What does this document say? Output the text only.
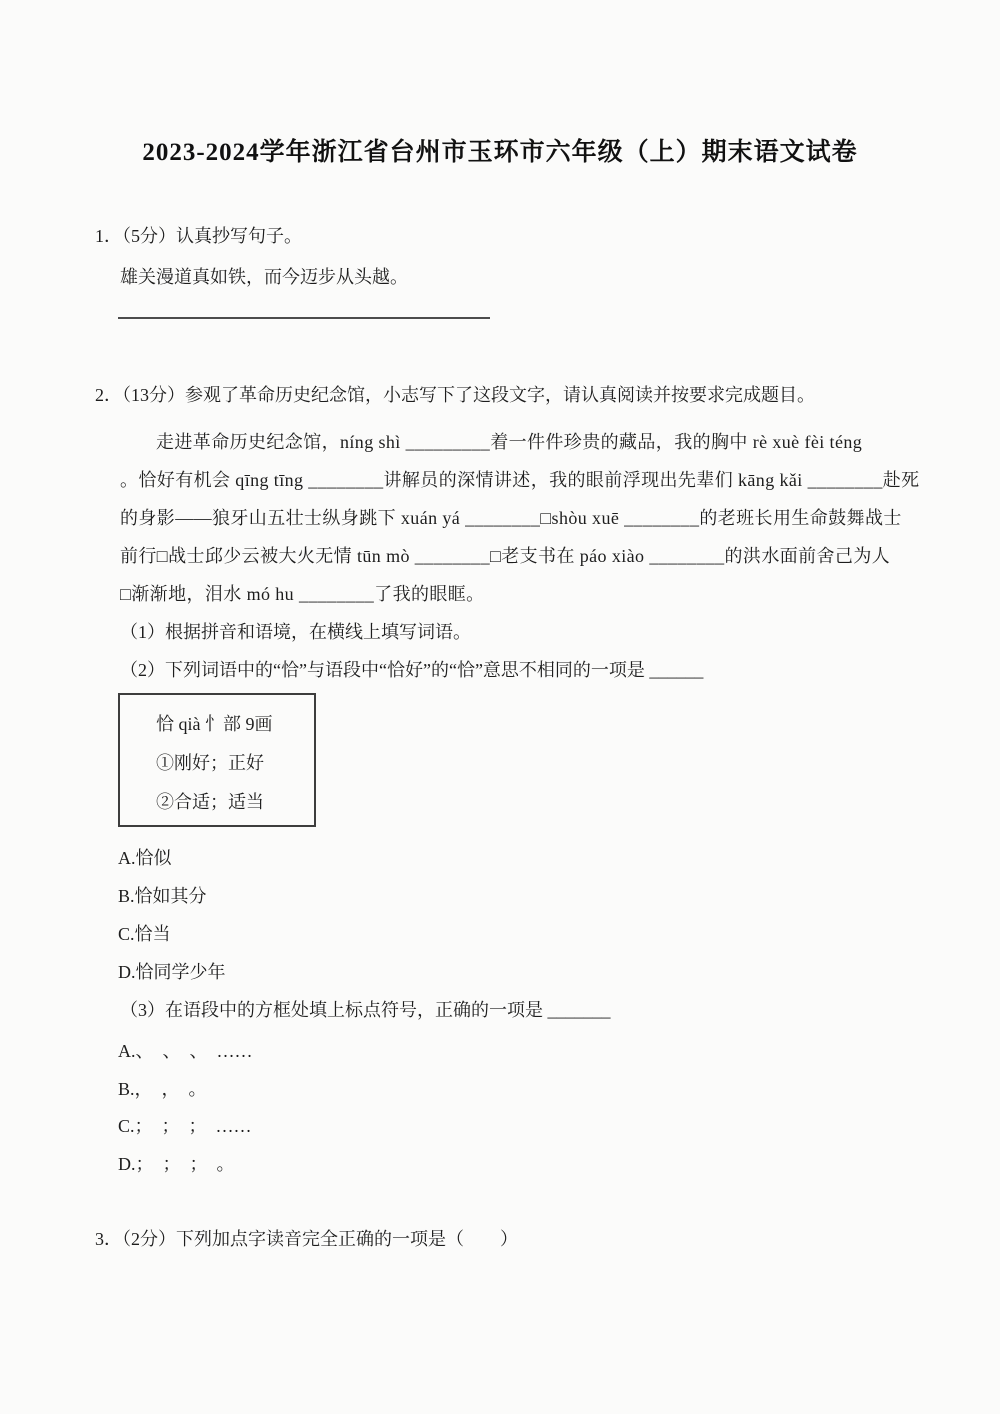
2023-2024学年浙江省台州市玉环市六年级（上）期末语文试卷
1．（5分）认真抄写句子。
雄关漫道真如铁，而今迈步从头越。
2．（13分）参观了革命历史纪念馆，小志写下了这段文字，请认真阅读并按要求完成题目。
走进革命历史纪念馆，níng shì _________着一件件珍贵的藏品，我的胸中 rè xuè fèi téng
。恰好有机会 qīng tīng ________讲解员的深情讲述，我的眼前浮现出先辈们 kāng kǎi ________赴死
的身影——狼牙山五壮士纵身跳下 xuán yá ________□shòu xuē ________的老班长用生命鼓舞战士
前行□战士邱少云被大火无情 tūn mò ________□老支书在 páo xiào ________的洪水面前舍己为人
□渐渐地，泪水 mó hu ________了我的眼眶。
（1）根据拼音和语境，在横线上填写词语。
（2）下列词语中的“恰”与语段中“恰好”的“恰”意思不相同的一项是 ______
恰 qià 忄部 9画
①刚好；正好
②合适；适当
A.恰似
B.恰如其分
C.恰当
D.恰同学少年
（3）在语段中的方框处填上标点符号，正确的一项是 _______
A.、  、  、  ……
B.，  ，  。
C.；  ；  ；  ……
D.；  ；  ；  。
3．（2分）下列加点字读音完全正确的一项是（　　）
